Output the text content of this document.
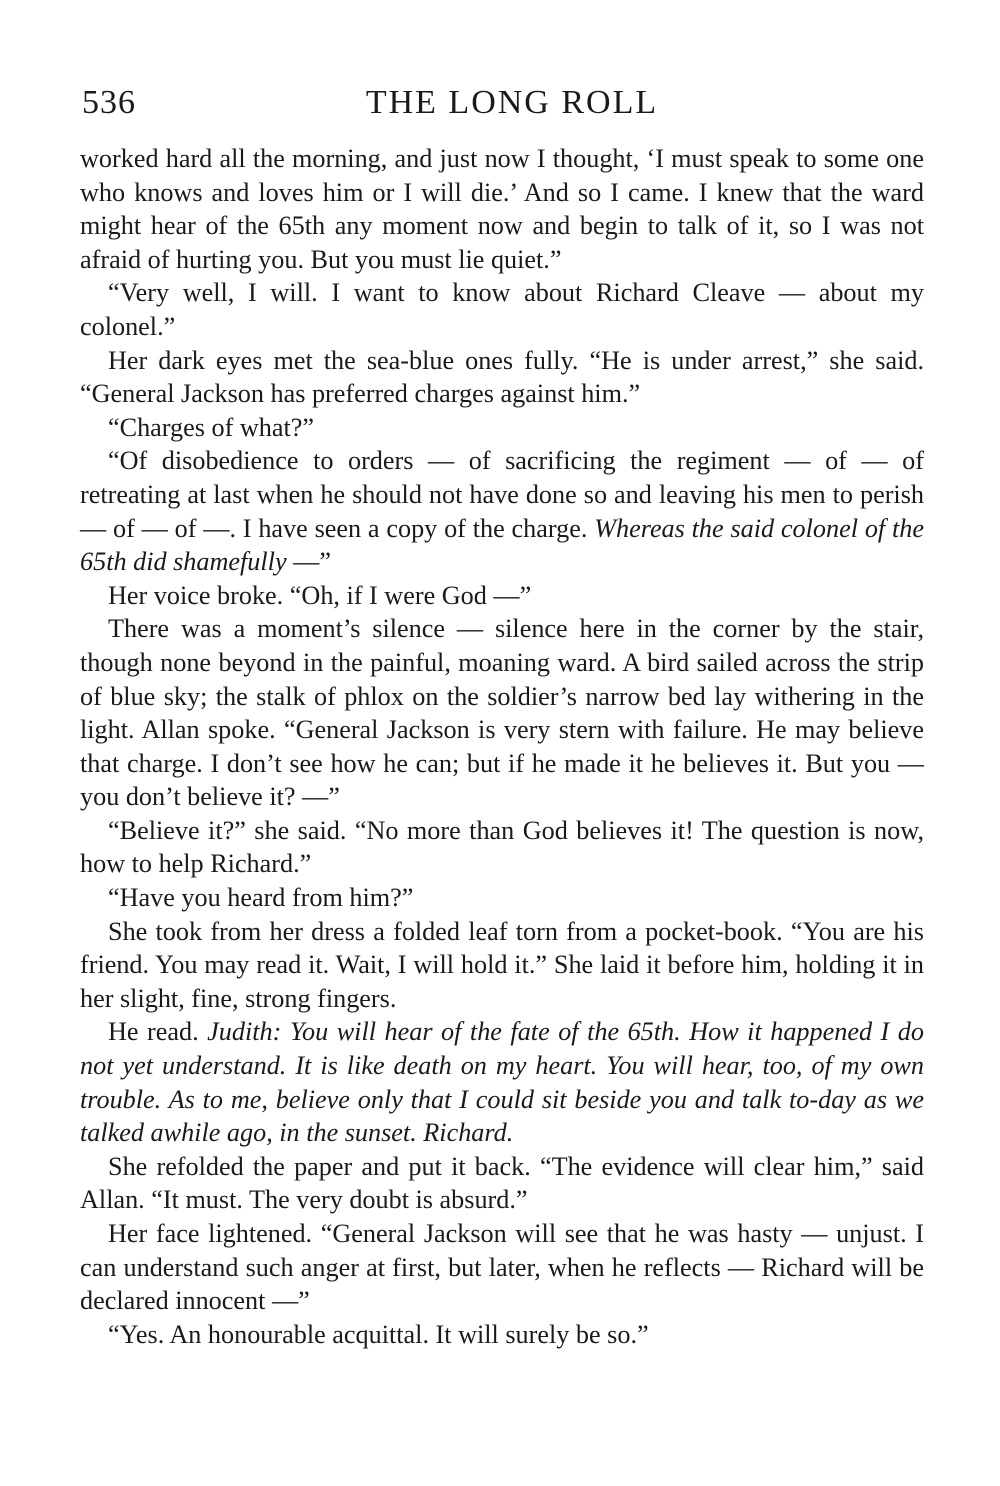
536	THE LONG ROLL

worked hard all the morning, and just now I thought, ‘I must speak to some one who knows and loves him or I will die.’ And so I came. I knew that the ward might hear of the 65th any moment now and begin to talk of it, so I was not afraid of hurting you. But you must lie quiet.”

“Very well, I will. I want to know about Richard Cleave — about my colonel.”

Her dark eyes met the sea-blue ones fully. “He is under arrest,” she said. “General Jackson has preferred charges against him.”

“Charges of what?”

“Of disobedience to orders — of sacrificing the regiment — of — of retreating at last when he should not have done so and leaving his men to perish — of — of —. I have seen a copy of the charge. Whereas the said colonel of the 65th did shamefully —”

Her voice broke. “Oh, if I were God —”

There was a moment’s silence — silence here in the corner by the stair, though none beyond in the painful, moaning ward. A bird sailed across the strip of blue sky; the stalk of phlox on the soldier’s narrow bed lay withering in the light. Allan spoke. “General Jackson is very stern with failure. He may believe that charge. I don’t see how he can; but if he made it he believes it. But you — you don’t believe it? —”

“Believe it?” she said. “No more than God believes it! The question is now, how to help Richard.”

“Have you heard from him?”

She took from her dress a folded leaf torn from a pocket-book. “You are his friend. You may read it. Wait, I will hold it.” She laid it before him, holding it in her slight, fine, strong fingers.

He read. Judith: You will hear of the fate of the 65th. How it happened I do not yet understand. It is like death on my heart. You will hear, too, of my own trouble. As to me, believe only that I could sit beside you and talk to-day as we talked awhile ago, in the sunset. Richard.

She refolded the paper and put it back. “The evidence will clear him,” said Allan. “It must. The very doubt is absurd.”

Her face lightened. “General Jackson will see that he was hasty — unjust. I can understand such anger at first, but later, when he reflects — Richard will be declared innocent —”

“Yes. An honourable acquittal. It will surely be so.”
